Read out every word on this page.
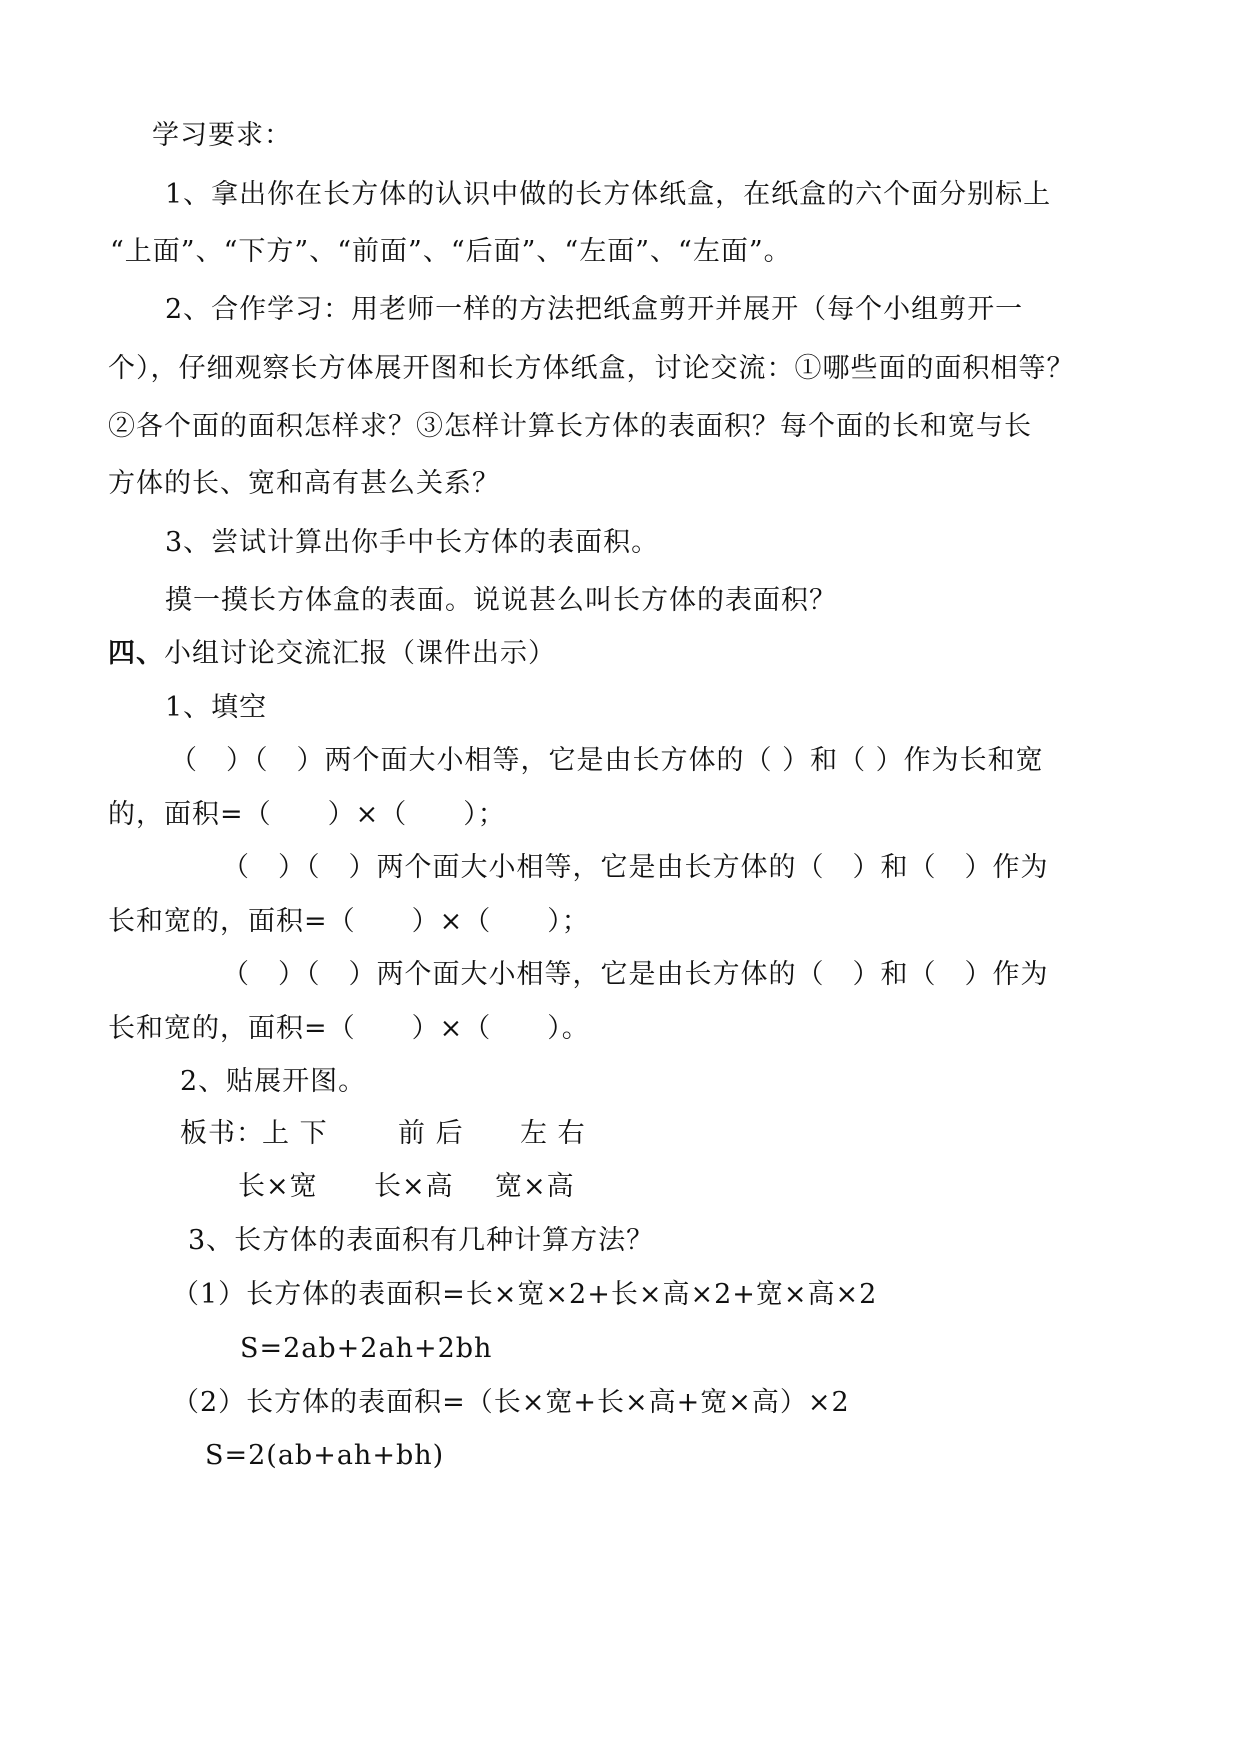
学习要求：
1、拿出你在长方体的认识中做的长方体纸盒，在纸盒的六个面分别标上
“上面”、“下方”、“前面”、“后面”、“左面”、“左面”。
2、合作学习：用老师一样的方法把纸盒剪开并展开（每个小组剪开一
个），仔细观察长方体展开图和长方体纸盒，讨论交流：①哪些面的面积相等？
②各个面的面积怎样求？③怎样计算长方体的表面积？每个面的长和宽与长
方体的长、宽和高有甚么关系？
3、尝试计算出你手中长方体的表面积。
摸一摸长方体盒的表面。说说甚么叫长方体的表面积？
四、小组讨论交流汇报（课件出示）
1、填空
（　）（　）两个面大小相等，它是由长方体的（ ）和（ ）作为长和宽
的，面积=（　　）×（　　）；
（　）（　）两个面大小相等，它是由长方体的（　）和（　）作为
长和宽的，面积=（　　）×（　　）；
（　）（　）两个面大小相等，它是由长方体的（　）和（　）作为
长和宽的，面积=（　　）×（　　）。
2、贴展开图。
板书：
上 下	前 后 左 右
长×宽 长×高 宽×高
3、长方体的表面积有几种计算方法？
（1）长方体的表面积=长×宽×2+长×高×2+宽×高×2
S=2ab+2ah+2bh
（2）长方体的表面积=（长×宽+长×高+宽×高）×2
S=2(ab+ah+bh)
